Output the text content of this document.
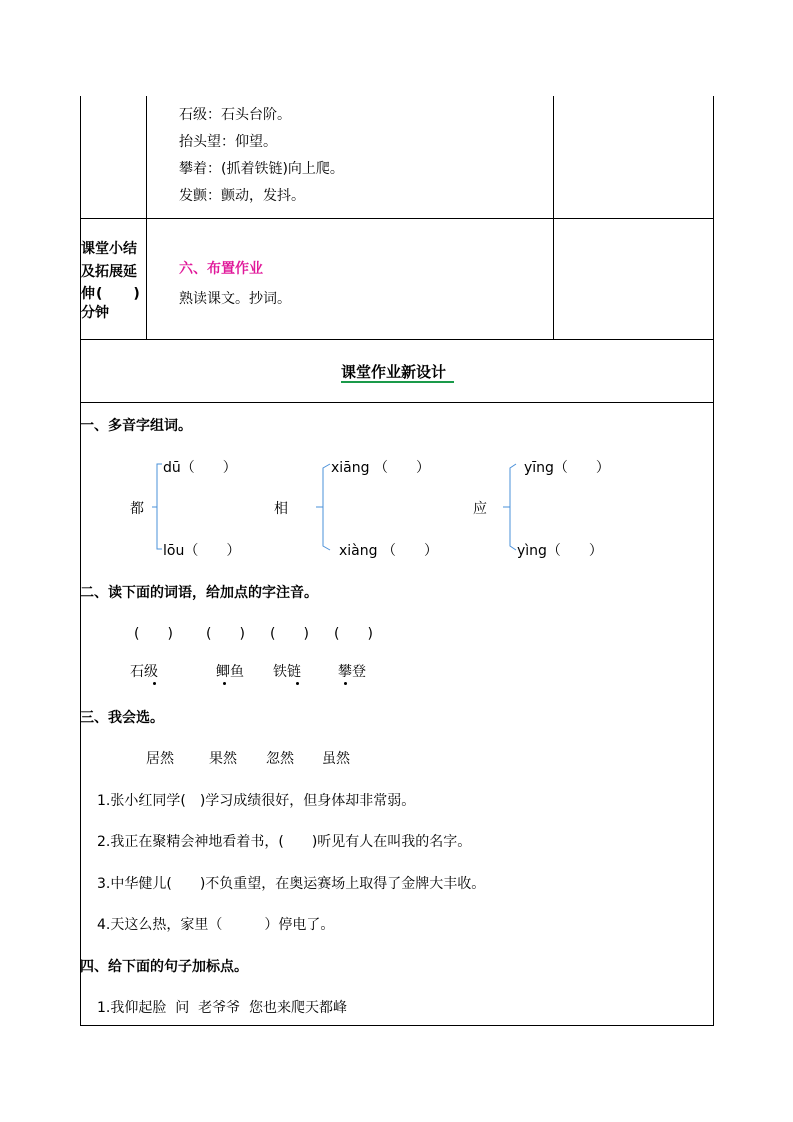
石级：石头台阶。
抬头望：仰望。
攀着：(抓着铁链)向上爬。
发颤：颤动，发抖。
课堂小结
及拓展延
伸(　　)
分钟
六、布置作业
熟读课文。抄词。
课堂作业新设计
一、多音字组词。
都
dū（　　）
lōu（　　）
相
xiāng （　　）
xiàng （　　）
应
yīng（　　）
yìng（　　）
二、读下面的词语，给加点的字注音。
(　　) (　　) (　　) (　　)
石级	鲫鱼 铁链	攀登
三、我会选。
居然	果然 忽然 虽然
1.张小红同学(　)学习成绩很好，但身体却非常弱。
2.我正在聚精会神地看着书，(　　)听见有人在叫我的名字。
3.中华健儿(　　)不负重望，在奥运赛场上取得了金牌大丰收。
4.天这么热，家里（　　　）停电了。
四、给下面的句子加标点。
1.我仰起脸  问  老爷爷  您也来爬天都峰
